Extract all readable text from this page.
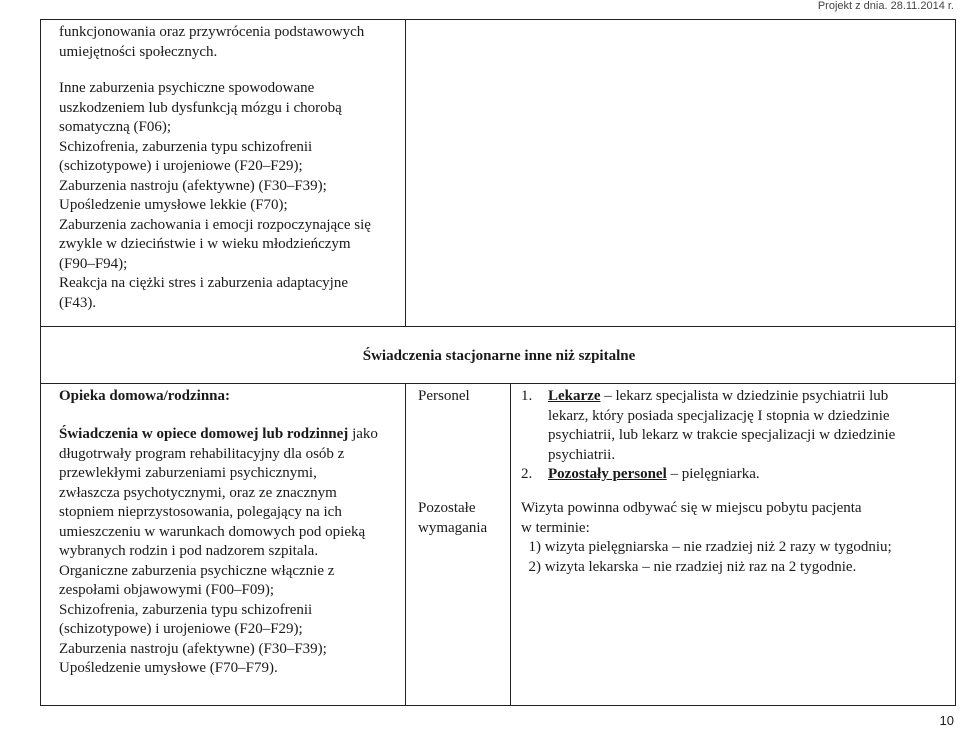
Projekt z dnia. 28.11.2014 r.

funkcjonowania oraz przywrócenia podstawowych
umiejętności społecznych.

Inne zaburzenia psychiczne spowodowane
uszkodzeniem lub dysfunkcją mózgu i chorobą
somatyczną (F06);
Schizofrenia, zaburzenia typu schizofrenii
(schizotypowe) i urojeniowe (F20–F29);
Zaburzenia nastroju (afektywne) (F30–F39);
Upośledzenie umysłowe lekkie (F70);
Zaburzenia zachowania i emocji rozpoczynające się
zwykle w dzieciństwie i w wieku młodzieńczym
(F90–F94);
Reakcja na ciężki stres i zaburzenia adaptacyjne
(F43).

Świadczenia stacjonarne inne niż szpitalne
Opieka domowa/rodzinna:

Świadczenia w opiece domowej lub rodzinnej jako
długotrwały program rehabilitacyjny dla osób z
przewlekłymi zaburzeniami psychicznymi,
zwłaszcza psychotycznymi, oraz ze znacznym
stopniem nieprzystosowania, polegający na ich
umieszczeniu w warunkach domowych pod opieką
wybranych rodzin i pod nadzorem szpitala.
Organiczne zaburzenia psychiczne włącznie z
zespołami objawowymi (F00–F09);
Schizofrenia, zaburzenia typu schizofrenii
(schizotypowe) i urojeniowe (F20–F29);
Zaburzenia nastroju (afektywne) (F30–F39);
Upośledzenie umysłowe (F70–F79).

Personel
Pozostałe
wymagania
1. Lekarze – lekarz specjalista w dziedzinie psychiatrii lub
lekarz, który posiada specjalizację I stopnia w dziedzinie
psychiatrii, lub lekarz w trakcie specjalizacji w dziedzinie
psychiatrii.
2. Pozostały personel – pielęgniarka.

Wizyta powinna odbywać się w miejscu pobytu pacjenta
w terminie:
1) wizyta pielęgniarska – nie rzadziej niż 2 razy w tygodniu;
2) wizyta lekarska – nie rzadziej niż raz na 2 tygodnie.

10
